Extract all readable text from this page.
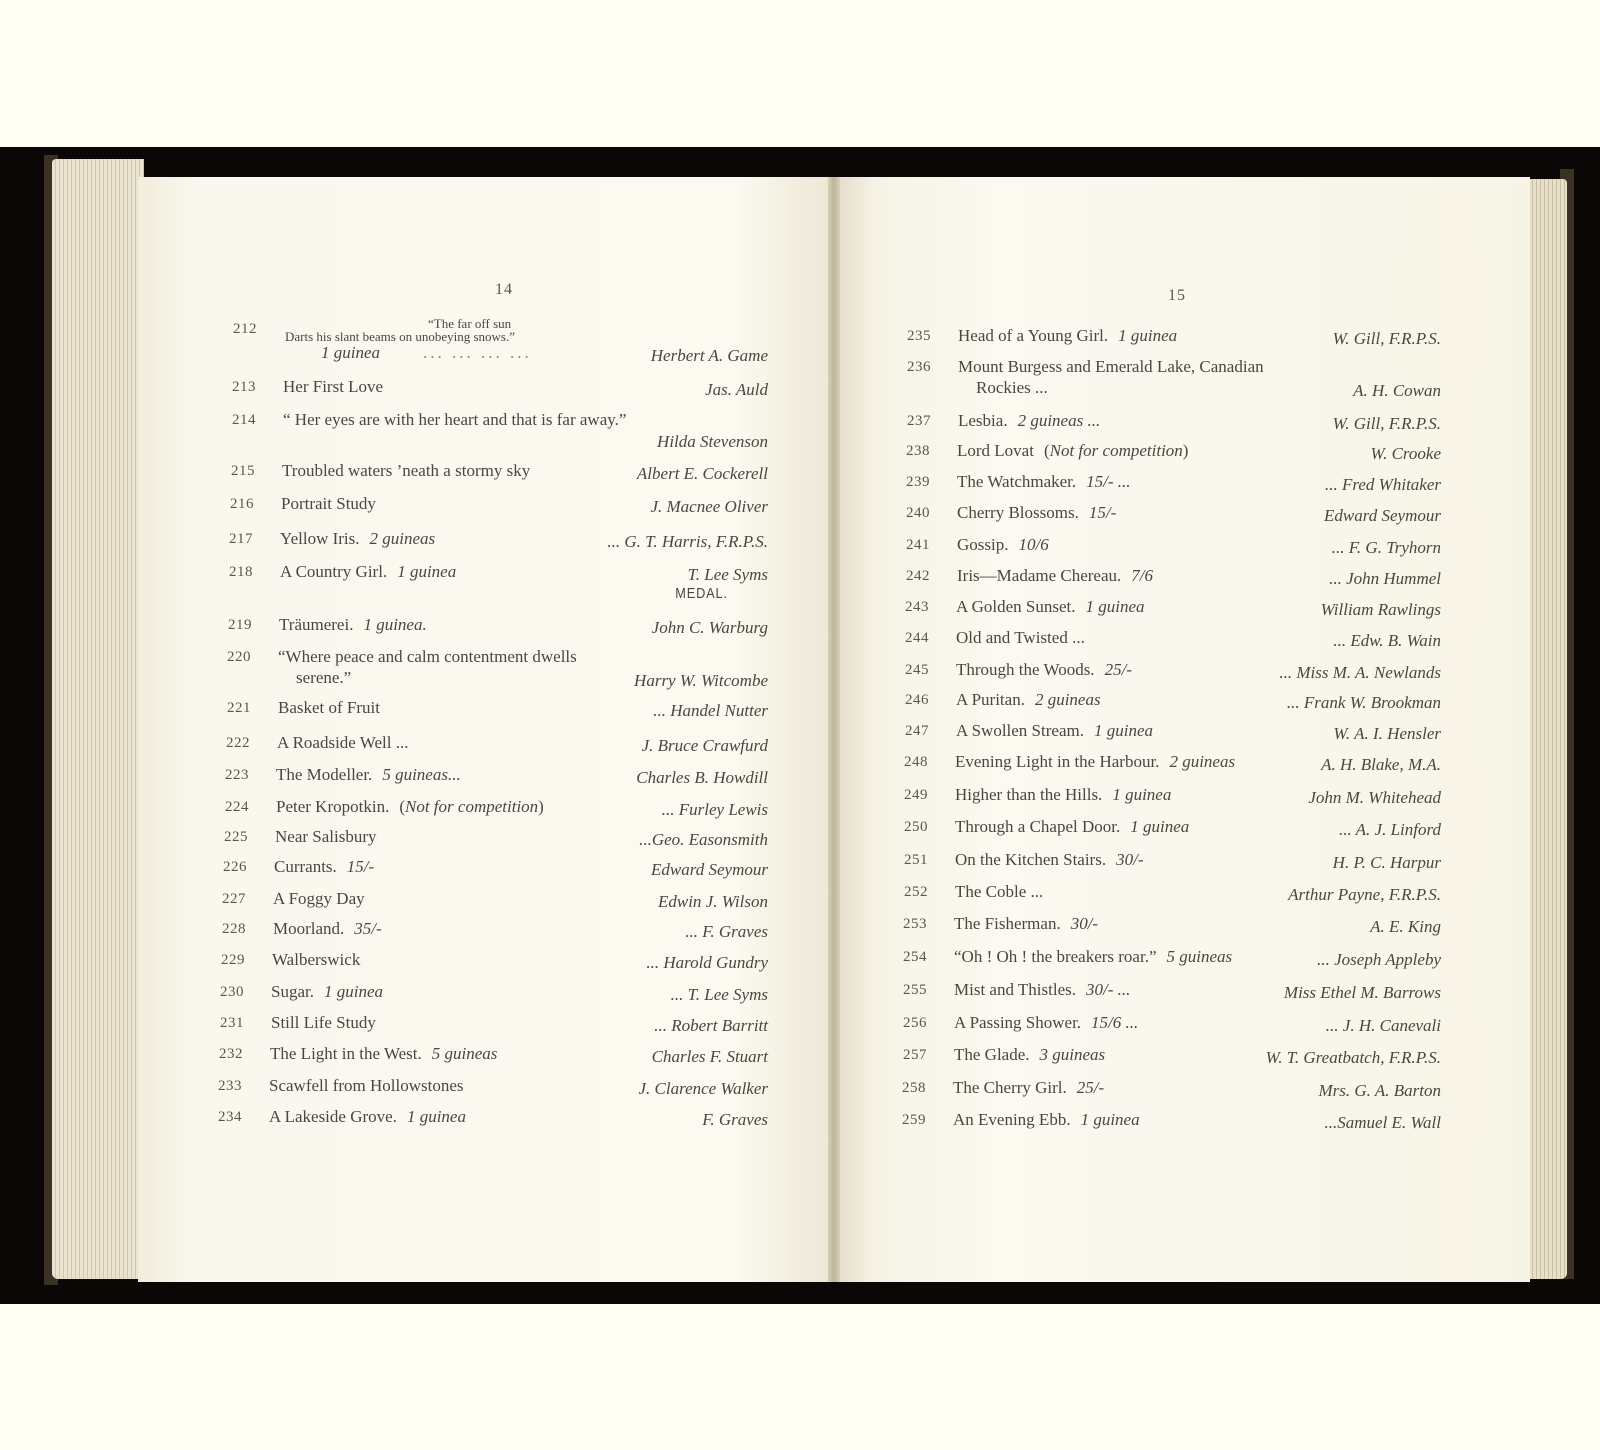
14
212	“The far off sun
Darts his slant beams on unobeying snows.”
1 guinea	... ... ... ...	Herbert A. Game
213	Her First Love	Jas. Auld
214	“ Her eyes are with her heart and that is far away.”
Hilda Stevenson
215	Troubled waters ’neath a stormy sky	Albert E. Cockerell
216	Portrait Study	J. Macnee Oliver
217	Yellow Iris. 2 guineas	... G. T. Harris, F.R.P.S.
218	A Country Girl. 1 guinea	T. Lee Syms
MEDAL.
219	Träumerei. 1 guinea.	John C. Warburg
220	“Where peace and calm contentment dwells
serene.”	Harry W. Witcombe
221	Basket of Fruit	... Handel Nutter
222	A Roadside Well ...	J. Bruce Crawfurd
223	The Modeller. 5 guineas...	Charles B. Howdill
224	Peter Kropotkin. (Not for competition)	... Furley Lewis
225	Near Salisbury	...Geo. Easonsmith
226	Currants. 15/-	Edward Seymour
227	A Foggy Day	Edwin J. Wilson
228	Moorland. 35/-	... F. Graves
229	Walberswick	... Harold Gundry
230	Sugar. 1 guinea	... T. Lee Syms
231	Still Life Study	... Robert Barritt
232	The Light in the West. 5 guineas	Charles F. Stuart
233	Scawfell from Hollowstones	J. Clarence Walker
234	A Lakeside Grove. 1 guinea	F. Graves
15
235	Head of a Young Girl. 1 guinea	W. Gill, F.R.P.S.
236	Mount Burgess and Emerald Lake, Canadian
Rockies ...	A. H. Cowan
237	Lesbia. 2 guineas ...	W. Gill, F.R.P.S.
238	Lord Lovat (Not for competition)	W. Crooke
239	The Watchmaker. 15/- ...	... Fred Whitaker
240	Cherry Blossoms. 15/-	Edward Seymour
241	Gossip. 10/6	... F. G. Tryhorn
242	Iris—Madame Chereau. 7/6	... John Hummel
243	A Golden Sunset. 1 guinea	William Rawlings
244	Old and Twisted ...	... Edw. B. Wain
245	Through the Woods. 25/-	... Miss M. A. Newlands
246	A Puritan. 2 guineas	... Frank W. Brookman
247	A Swollen Stream. 1 guinea	W. A. I. Hensler
248	Evening Light in the Harbour. 2 guineas	A. H. Blake, M.A.
249	Higher than the Hills. 1 guinea	John M. Whitehead
250	Through a Chapel Door. 1 guinea	... A. J. Linford
251	On the Kitchen Stairs. 30/-	H. P. C. Harpur
252	The Coble ...	Arthur Payne, F.R.P.S.
253	The Fisherman. 30/-	A. E. King
254	“Oh ! Oh ! the breakers roar.” 5 guineas	... Joseph Appleby
255	Mist and Thistles. 30/- ...	Miss Ethel M. Barrows
256	A Passing Shower. 15/6 ...	... J. H. Canevali
257	The Glade. 3 guineas	W. T. Greatbatch, F.R.P.S.
258	The Cherry Girl. 25/-	Mrs. G. A. Barton
259	An Evening Ebb. 1 guinea	...Samuel E. Wall
